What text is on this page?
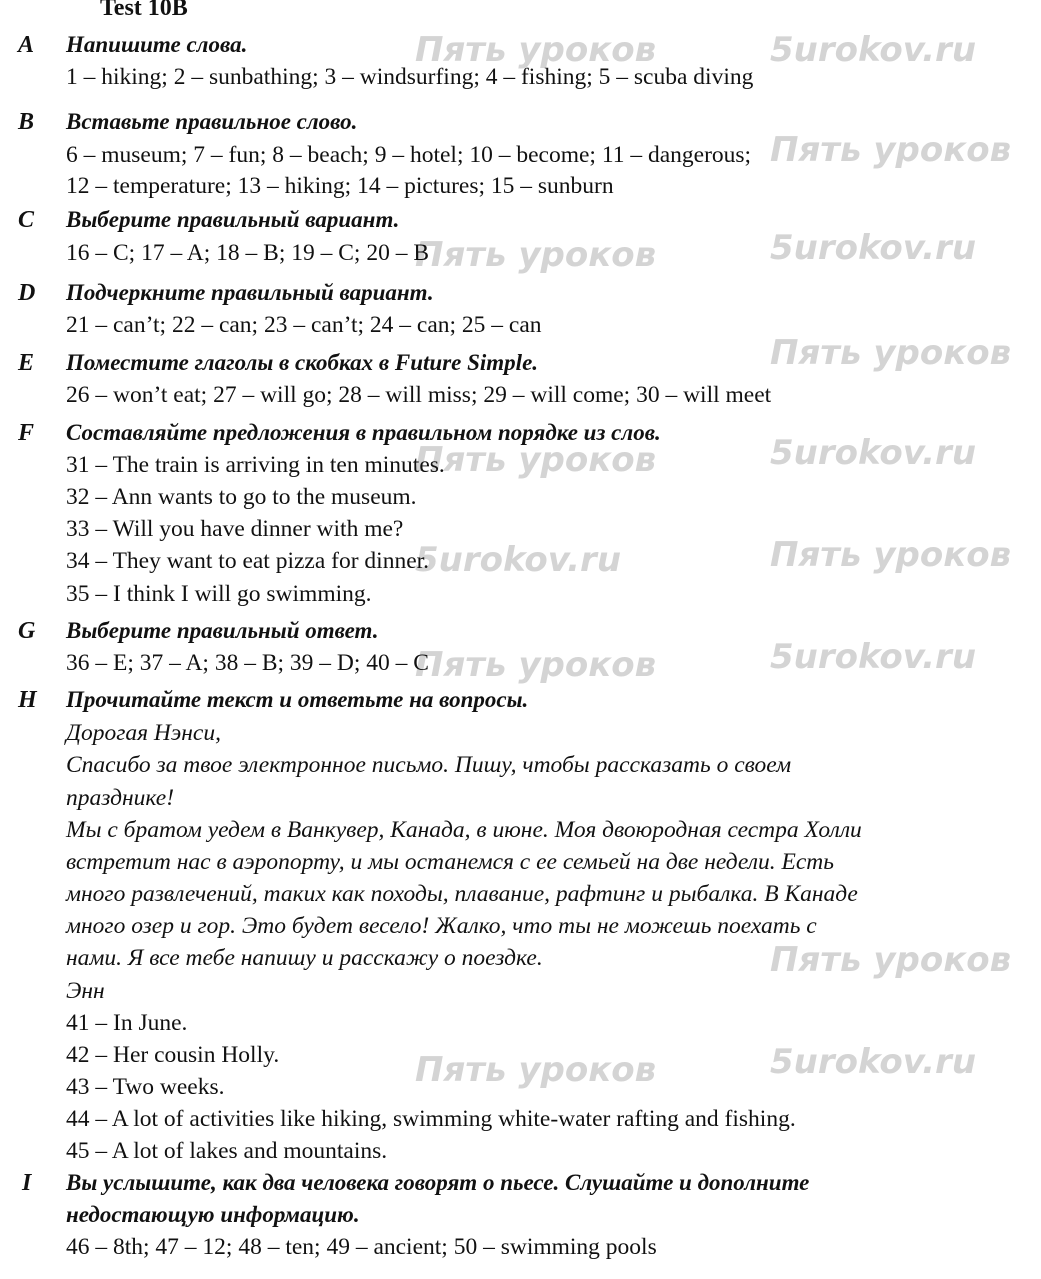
Пять уроков	5urokov.ru
Пять уроков
Пять уроков	5urokov.ru
Пять уроков
Пять уроков	5urokov.ru
5urokov.ru	Пять уроков
Пять уроков	5urokov.ru
Пять уроков
Пять уроков	5urokov.ru
Test 10B
A	Напишите слова.

1 – hiking; 2 – sunbathing; 3 – windsurfing; 4 – fishing; 5 – scuba diving

B	Вставьте правильное слово.

6 – museum; 7 – fun; 8 – beach; 9 – hotel; 10 – become; 11 – dangerous;

12 – temperature; 13 – hiking; 14 – pictures; 15 – sunburn

C	Выберите правильный вариант.

16 – C; 17 – A; 18 – B; 19 – C; 20 – B

D	Подчеркните правильный вариант.

21 – can’t; 22 – can; 23 – can’t; 24 – can; 25 – can

E	Поместите глаголы в скобках в Future Simple.

26 – won’t eat; 27 – will go; 28 – will miss; 29 – will come; 30 – will meet

F	Составляйте предложения в правильном порядке из слов.

31 – The train is arriving in ten minutes.

32 – Ann wants to go to the museum.

33 – Will you have dinner with me?

34 – They want to eat pizza for dinner.

35 – I think I will go swimming.

G	Выберите правильный ответ.

36 – E; 37 – A; 38 – B; 39 – D; 40 – C

H	Прочитайте текст и ответьте на вопросы.

Дорогая Нэнси,

Спасибо за твое электронное письмо. Пишу, чтобы рассказать о своем

празднике!

Мы с братом уедем в Ванкувер, Канада, в июне. Моя двоюродная сестра Холли

встретит нас в аэропорту, и мы останемся с ее семьей на две недели. Есть

много развлечений, таких как походы, плавание, рафтинг и рыбалка. В Канаде

много озер и гор. Это будет весело! Жалко, что ты не можешь поехать с

нами. Я все тебе напишу и расскажу о поездке.

Энн

41 – In June.

42 – Her cousin Holly.

43 – Two weeks.

44 – A lot of activities like hiking, swimming white-water rafting and fishing.

45 – A lot of lakes and mountains.

I	Вы услышите, как два человека говорят о пьесе. Слушайте и дополните

недостающую информацию.

46 – 8th; 47 – 12; 48 – ten; 49 – ancient; 50 – swimming pools
